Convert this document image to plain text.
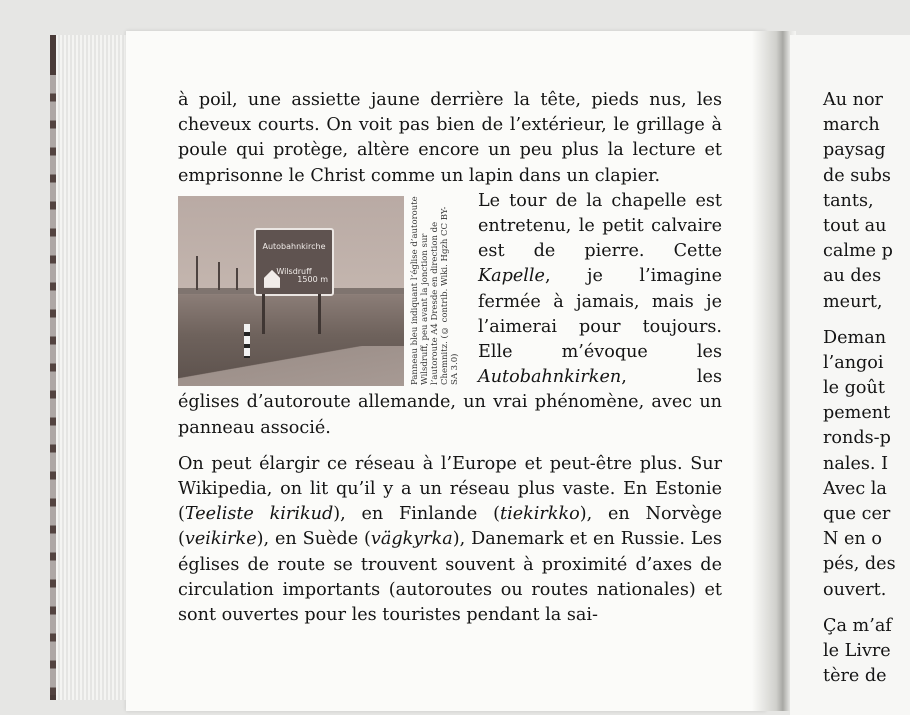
à poil, une assiette jaune derrière la tête, pieds nus, les cheveux courts. On voit pas bien de l’extérieur, le grillage à poule qui protège, altère encore un peu plus la lecture et emprisonne le Christ comme un lapin dans un clapier.

Autobahnkirche
Wilsdruff
1500 m	Panneau bleu indiquant l’église d’autoroute Wilsdruff, peu avant la jonction sur l’autoroute A4 Dresde en direction de Chemnitz. (© contrib. Wiki. Hgzh CC BY-SA 3.0)

Le tour de la chapelle est entretenu, le petit calvaire est de pierre. Cette Kapelle, je l’imagine fermée à jamais, mais je l’aimerai pour toujours. Elle m’évoque les Autobahnkirken, les églises d’autoroute allemande, un vrai phénomène, avec un panneau associé.

On peut élargir ce réseau à l’Europe et peut-être plus. Sur Wikipedia, on lit qu’il y a un réseau plus vaste. En Estonie (Teeliste kirikud), en Finlande (tiekirkko), en Norvège (veikirke), en Suède (vägkyrka), Danemark et en Russie. Les églises de route se trouvent souvent à proximité d’axes de circulation importants (autoroutes ou routes nationales) et sont ouvertes pour les touristes pendant la sai-

Au nor
march
paysag
de subs
tants,
tout au
calme p
au des
meurt,
Deman
l’angoi
le goût
pement
ronds-p
nales. I
Avec la
que cer
N en o
pés, des
ouvert.
Ça m’af
le Livre
tère de
